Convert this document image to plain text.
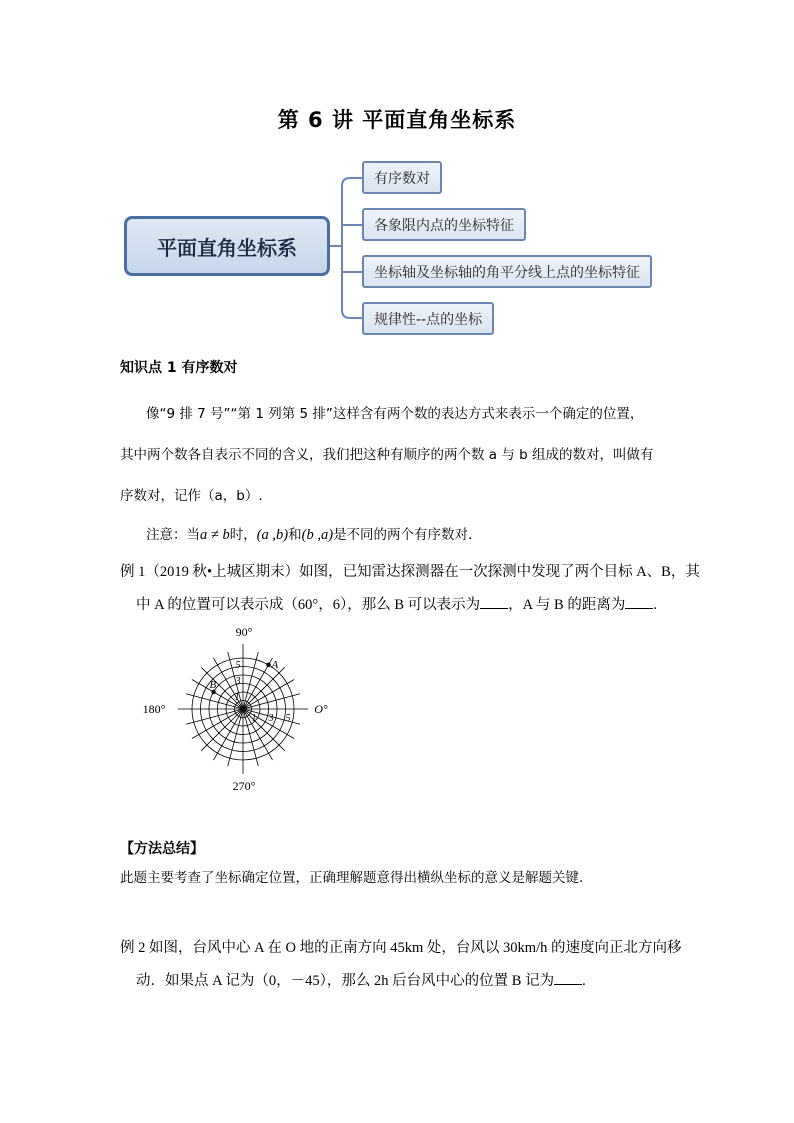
第 6 讲 平面直角坐标系
平面直角坐标系
有序数对
各象限内点的坐标特征
坐标轴及坐标轴的角平分线上点的坐标特征
规律性--点的坐标
知识点 1 有序数对
像“9 排 7 号”“第 1 列第 5 排”这样含有两个数的表达方式来表示一个确定的位置，
其中两个数各自表示不同的含义，我们把这种有顺序的两个数 a 与 b 组成的数对，叫做有
序数对，记作（a，b）.
注意：当a ≠ b时，(a ,b)和(b ,a)是不同的两个有序数对.
例 1（2019 秋•上城区期末）如图，已知雷达探测器在一次探测中发现了两个目标 A、B，其
中 A 的位置可以表示成（60°，6），那么 B 可以表示为 ，A 与 B 的距离为 .
90°
180°	O°
270°
1
3
5
1 3 5
A
B
【方法总结】
此题主要考查了坐标确定位置，正确理解题意得出横纵坐标的意义是解题关键.
例 2 如图，台风中心 A 在 O 地的正南方向 45km 处，台风以 30km/h 的速度向正北方向移
动．如果点 A 记为（0，－45），那么 2h 后台风中心的位置 B 记为 .
